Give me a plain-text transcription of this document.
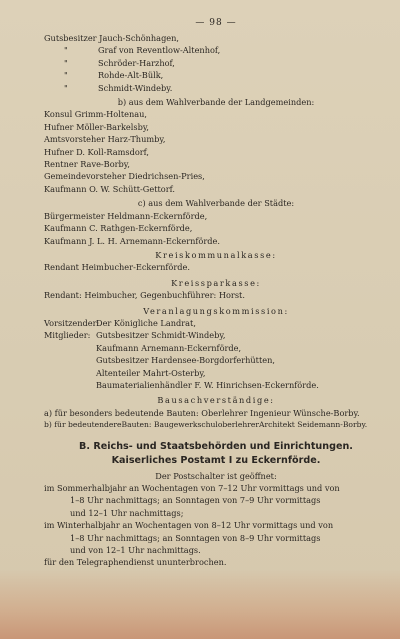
— 98 —
Gutsbesitzer Jauch-Schönhagen,
"	Graf von Reventlow-Altenhof,
"	Schröder-Harzhof,
"	Rohde-Alt-Bülk,
"	Schmidt-Windeby.
b) aus dem Wahlverbande der Landgemeinden:
Konsul Grimm-Holtenau,
Hufner Möller-Barkelsby,
Amtsvorsteher Harz-Thumby,
Hufner D. Koll-Ramsdorf,
Rentner Rave-Borby,
Gemeindevorsteher Diedrichsen-Pries,
Kaufmann O. W. Schütt-Gettorf.
c) aus dem Wahlverbande der Städte:
Bürgermeister Heldmann-Eckernförde,
Kaufmann C. Rathgen-Eckernförde,
Kaufmann J. L. H. Arnemann-Eckernförde.
Kreiskommunalkasse:
Rendant Heimbucher-Eckernförde.
Kreissparkasse:
Rendant: Heimbucher, Gegenbuchführer: Horst.
Veranlagungskommission:
Vorsitzender:Der Königliche Landrat,
Mitglieder: Gutsbesitzer Schmidt-Windeby,
Kaufmann Arnemann-Eckernförde,
Gutsbesitzer Hardensee-Borgdorferhütten,
Altenteiler Mahrt-Osterby,
Baumaterialienhändler F. W. Hinrichsen-Eckernförde.
Bausachverständige:
a) für besonders bedeutende Bauten: Oberlehrer Ingenieur Wünsche-Borby.
b) für bedeutendereBauten: BaugewerkschuloberlehrerArchitekt Seidemann-Borby.
B. Reichs- und Staatsbehörden und Einrichtungen.
Kaiserliches Postamt I zu Eckernförde.
Der Postschalter ist geöffnet:
im Sommerhalbjahr an Wochentagen von 7–12 Uhr vormittags und von
1–8 Uhr nachmittags; an Sonntagen von 7–9 Uhr vormittags
und 12–1 Uhr nachmittags;
im Winterhalbjahr an Wochentagen von 8–12 Uhr vormittags und von
1–8 Uhr nachmittags; an Sonntagen von 8–9 Uhr vormittags
und von 12–1 Uhr nachmittags.
für den Telegraphendienst ununterbrochen.
